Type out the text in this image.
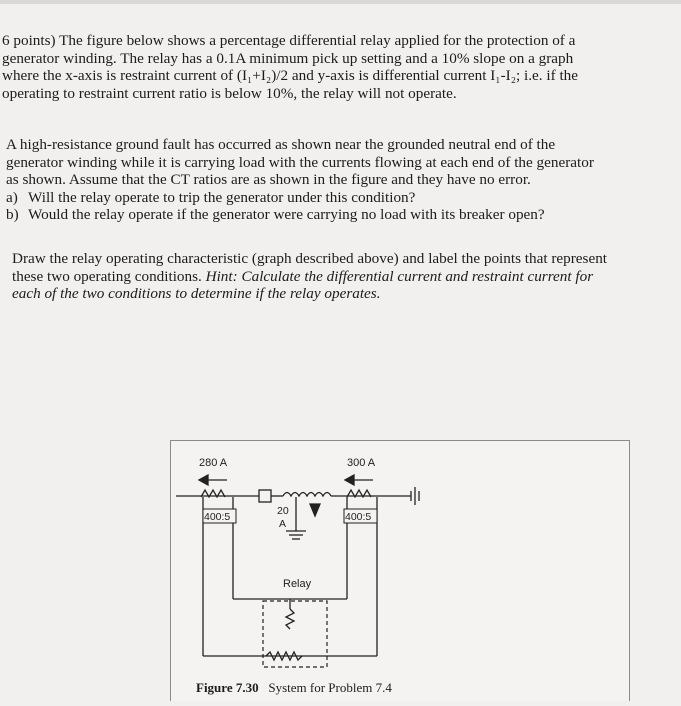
6 points) The figure below shows a percentage differential relay applied for the protection of a
generator winding. The relay has a 0.1A minimum pick up setting and a 10% slope on a graph
where the x-axis is restraint current of (I₁+I₂)/2 and y-axis is differential current I₁-I₂; i.e. if the
operating to restraint current ratio is below 10%, the relay will not operate.
A high-resistance ground fault has occurred as shown near the grounded neutral end of the
generator winding while it is carrying load with the currents flowing at each end of the generator
as shown. Assume that the CT ratios are as shown in the figure and they have no error.
a) Will the relay operate to trip the generator under this condition?
b) Would the relay operate if the generator were carrying no load with its breaker open?
Draw the relay operating characteristic (graph described above) and label the points that represent
these two operating conditions. Hint: Calculate the differential current and restraint current for
each of the two conditions to determine if the relay operates.
280 A	300 A
400:5	400:5
20
A
Relay
Figure 7.30 System for Problem 7.4
